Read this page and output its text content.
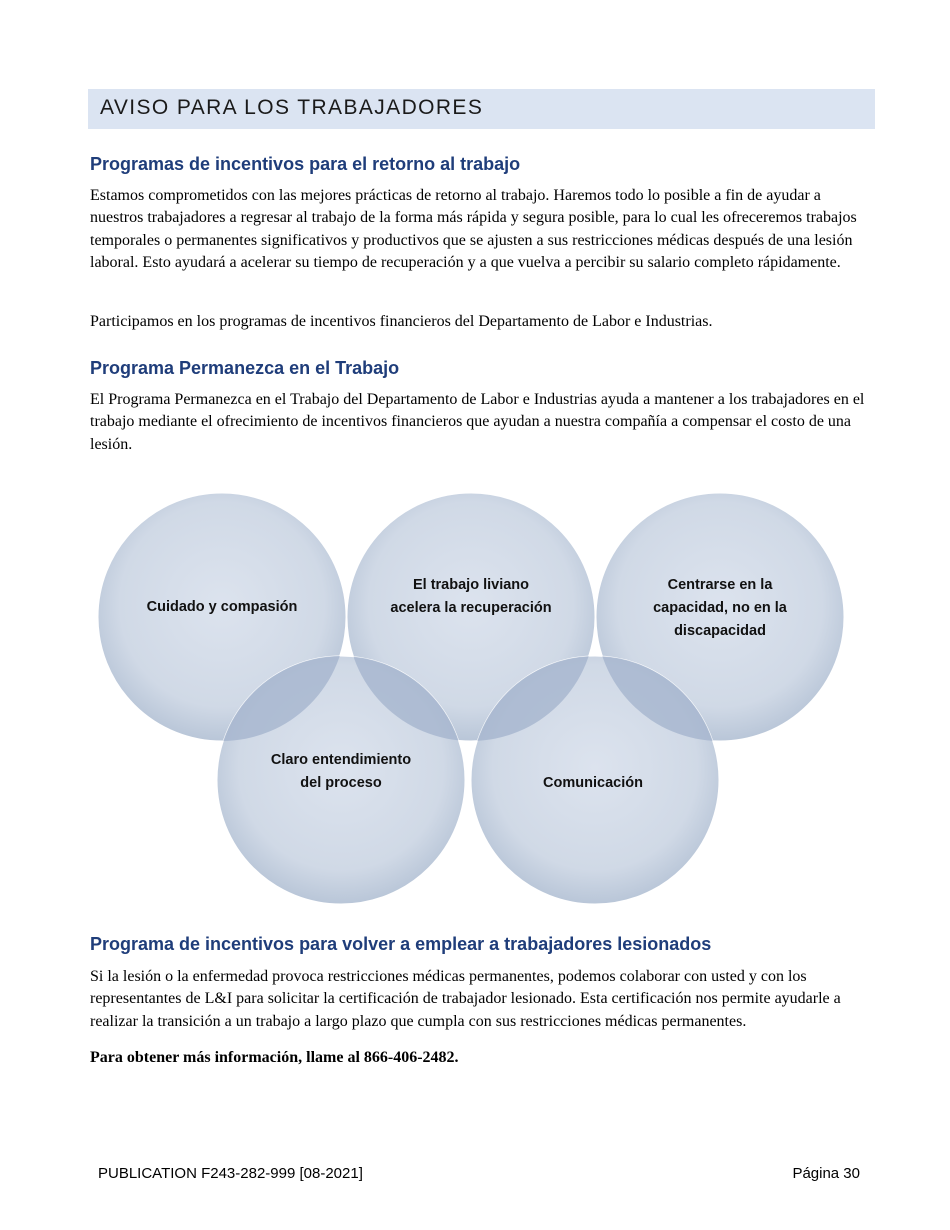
AVISO PARA LOS TRABAJADORES
Programas de incentivos para el retorno al trabajo
Estamos comprometidos con las mejores prácticas de retorno al trabajo. Haremos todo lo posible a fin de ayudar a nuestros trabajadores a regresar al trabajo de la forma más rápida y segura posible, para lo cual les ofreceremos trabajos temporales o permanentes significativos y productivos que se ajusten a sus restricciones médicas después de una lesión laboral. Esto ayudará a acelerar su tiempo de recuperación y a que vuelva a percibir su salario completo rápidamente.
Participamos en los programas de incentivos financieros del Departamento de Labor e Industrias.
Programa Permanezca en el Trabajo
El Programa Permanezca en el Trabajo del Departamento de Labor e Industrias ayuda a mantener a los trabajadores en el trabajo mediante el ofrecimiento de incentivos financieros que ayudan a nuestra compañía a compensar el costo de una lesión.
Cuidado y compasión
El trabajo liviano
acelera la recuperación
Centrarse en la
capacidad, no en la
discapacidad
Claro entendimiento
del proceso	Comunicación
Programa de incentivos para volver a emplear a trabajadores lesionados
Si la lesión o la enfermedad provoca restricciones médicas permanentes, podemos colaborar con usted y con los representantes de L&I para solicitar la certificación de trabajador lesionado. Esta certificación nos permite ayudarle a realizar la transición a un trabajo a largo plazo que cumpla con sus restricciones médicas permanentes.
Para obtener más información, llame al 866-406-2482.
PUBLICATION F243-282-999 [08-2021]	Página 30
